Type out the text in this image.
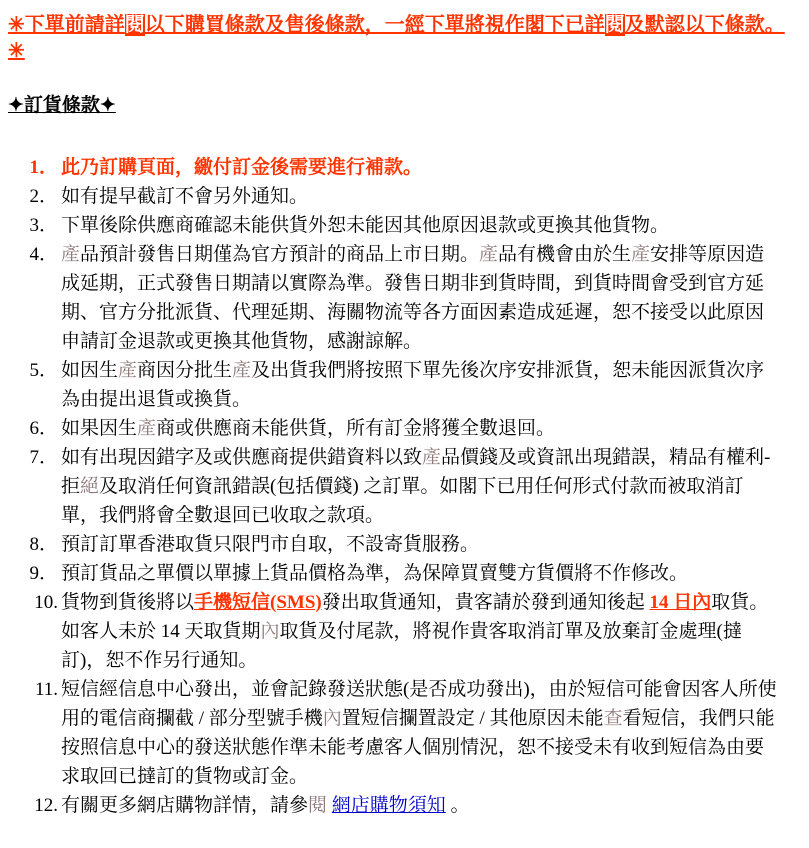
✳下單前請詳閱以下購買條款及售後條款，一經下單將視作閣下已詳閱及默認以下條款。✳
✦訂貨條款✦
1． 此乃訂購頁面，繳付訂金後需要進行補款。
2． 如有提早截訂不會另外通知。
3． 下單後除供應商確認未能供貨外恕未能因其他原因退款或更換其他貨物。
4． 產品預計發售日期僅為官方預計的商品上市日期。產品有機會由於生產安排等原因造成延期，正式發售日期請以實際為準。發售日期非到貨時間，到貨時間會受到官方延期、官方分批派貨、代理延期、海關物流等各方面因素造成延遲，恕不接受以此原因申請訂金退款或更換其他貨物，感謝諒解。
5． 如因生產商因分批生產及出貨我們將按照下單先後次序安排派貨，恕未能因派貨次序為由提出退貨或換貨。
6． 如果因生產商或供應商未能供貨，所有訂金將獲全數退回。
7． 如有出現因錯字及或供應商提供錯資料以致產品價錢及或資訊出現錯誤，精品有權利-拒絕及取消任何資訊錯誤(包括價錢) 之訂單。如閣下已用任何形式付款而被取消訂單，我們將會全數退回已收取之款項。
8． 預訂訂單香港取貨只限門市自取，不設寄貨服務。
9． 預訂貨品之單價以單據上貨品價格為準，為保障買賣雙方貨價將不作修改。
10. 貨物到貨後將以手機短信(SMS)發出取貨通知，貴客請於發到通知後起 14 日內取貨。如客人未於 14 天取貨期內取貨及付尾款，將視作貴客取消訂單及放棄訂金處理(撻訂)，恕不作另行通知。
11. 短信經信息中心發出，並會記錄發送狀態(是否成功發出)，由於短信可能會因客人所使用的電信商攔截 / 部分型號手機內置短信攔置設定 / 其他原因未能查看短信，我們只能按照信息中心的發送狀態作準未能考慮客人個別情況，恕不接受未有收到短信為由要求取回已撻訂的貨物或訂金。
12. 有關更多網店購物詳情，請參閱 網店購物須知 。
